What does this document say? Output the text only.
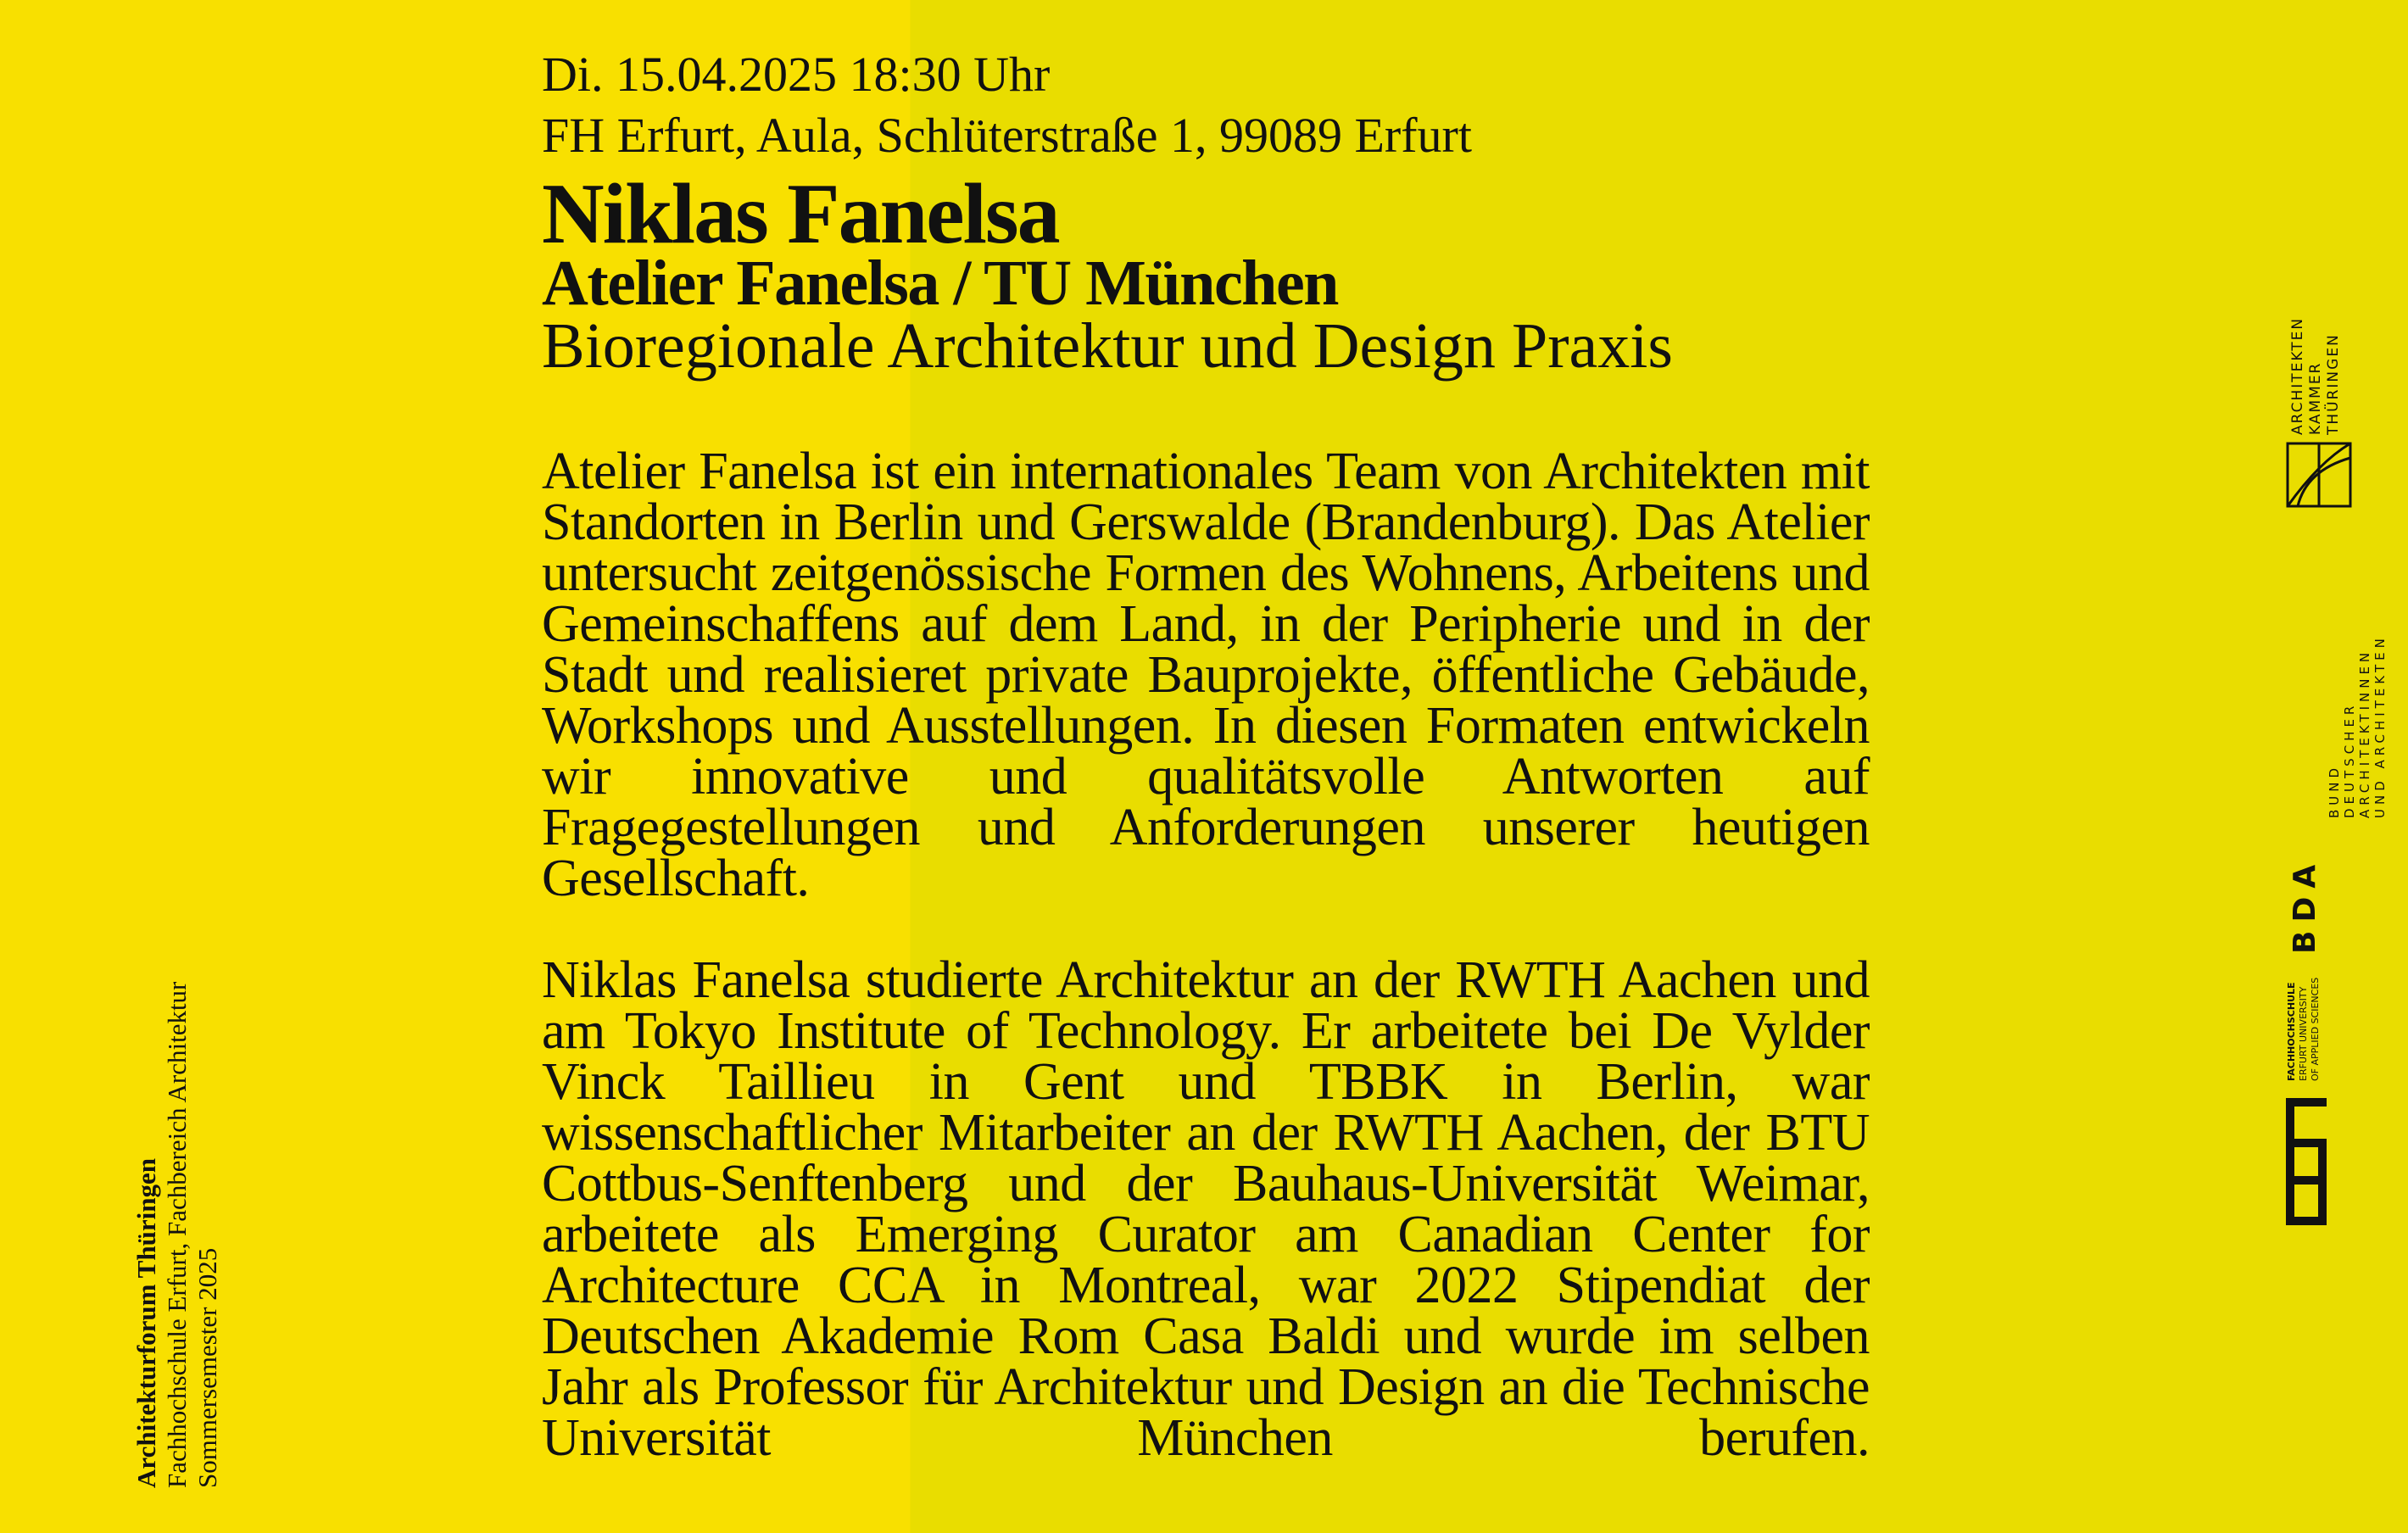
Di. 15.04.2025 18:30 Uhr
FH Erfurt, Aula, Schlüterstraße 1, 99089 Erfurt
Niklas Fanelsa
Atelier Fanelsa / TU München
Bioregionale Architektur und Design Praxis
Atelier Fanelsa ist ein internationales Team von Architekten mit Standorten in Berlin und Gerswalde (Brandenburg). Das Atelier untersucht zeitgenössische Formen des Wohnens, Arbeitens und Gemeinschaffens auf dem Land, in der Peripherie und in der Stadt und realisieret private Bauprojekte, öffentliche Gebäude, Workshops und Ausstellungen. In diesen Formaten entwickeln wir innovative und qualitätsvolle Antworten auf Fragegestellungen und Anforderungen unserer heutigen Gesellschaft.
Niklas Fanelsa studierte Architektur an der RWTH Aachen und am Tokyo Institute of Technology. Er arbeitete bei De Vylder Vinck Taillieu in Gent und TBBK in Berlin, war wissenschaftlicher Mitarbeiter an der RWTH Aachen, der BTU Cottbus-Senftenberg und der Bauhaus-Universität Weimar, arbeitete als Emerging Curator am Canadian Center for Architecture CCA in Montreal, war 2022 Stipendiat der Deutschen Akademie Rom Casa Baldi und wurde im selben Jahr als Professor für Architektur und Design an die Technische Universität München berufen.
Architekturforum Thüringen Fachhochschule Erfurt, Fachbereich Architektur Sommersemester 2025
ARCHITEKTEN KAMMER THÜRINGEN
BDA
BUND DEUTSCHER ARCHITEKTINNEN UND ARCHITEKTEN
FACHHOCHSCHULE ERFURT UNIVERSITY OF APPLIED SCIENCES
